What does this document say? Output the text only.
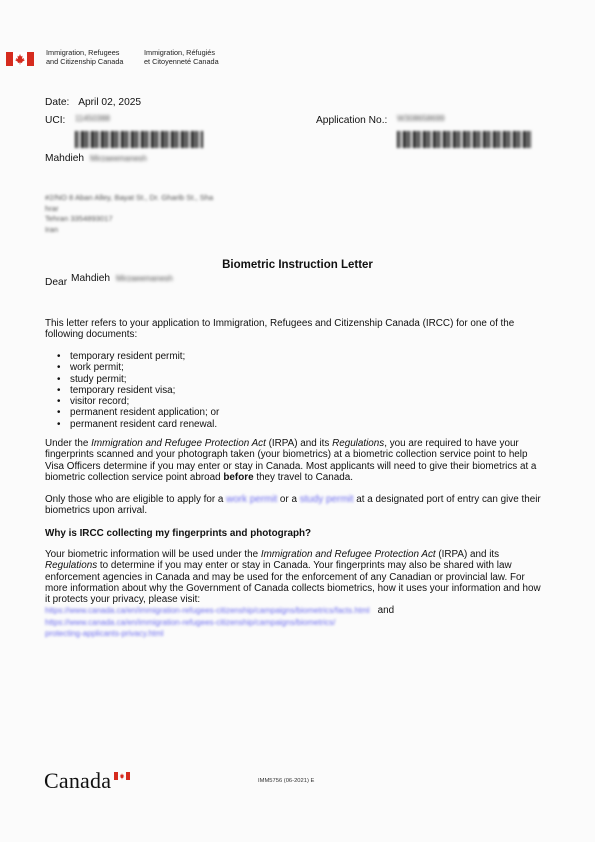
Immigration, Refugees
and Citizenship Canada
Immigration, Réfugiés
et Citoyenneté Canada
Date: April 02, 2025
UCI: 11450388	Application No.: W308658699
Mahdieh Mirzaeemanesh
#2/NO 8 Aban Alley, Bayat St., Dr. Gharib St., Sha
hrar
Tehran 3354893017
Iran
Biometric Instruction Letter
Dear Mahdieh Mirzaeemanesh

This letter refers to your application to Immigration, Refugees and Citizenship Canada (IRCC) for one of the following documents:

• temporary resident permit;
• work permit;
• study permit;
• temporary resident visa;
• visitor record;
• permanent resident application; or
• permanent resident card renewal.

Under the Immigration and Refugee Protection Act (IRPA) and its Regulations, you are required to have your fingerprints scanned and your photograph taken (your biometrics) at a biometric collection service point to help Visa Officers determine if you may enter or stay in Canada. Most applicants will need to give their biometrics at a biometric collection service point abroad before they travel to Canada.

Only those who are eligible to apply for a work permit or a study permit at a designated port of entry can give their biometrics upon arrival.

Why is IRCC collecting my fingerprints and photograph?

Your biometric information will be used under the Immigration and Refugee Protection Act (IRPA) and its Regulations to determine if you may enter or stay in Canada. Your fingerprints may also be shared with law enforcement agencies in Canada and may be used for the enforcement of any Canadian or provincial law. For more information about why the Government of Canada collects biometrics, how it uses your information and how it protects your privacy, please visit:

https://www.canada.ca/en/immigration-refugees-citizenship/campaigns/biometrics/facts.html and

https://www.canada.ca/en/immigration-refugees-citizenship/campaigns/biometrics/

protecting-applicants-privacy.html

Canada	IMM5756 (06-2021) E
